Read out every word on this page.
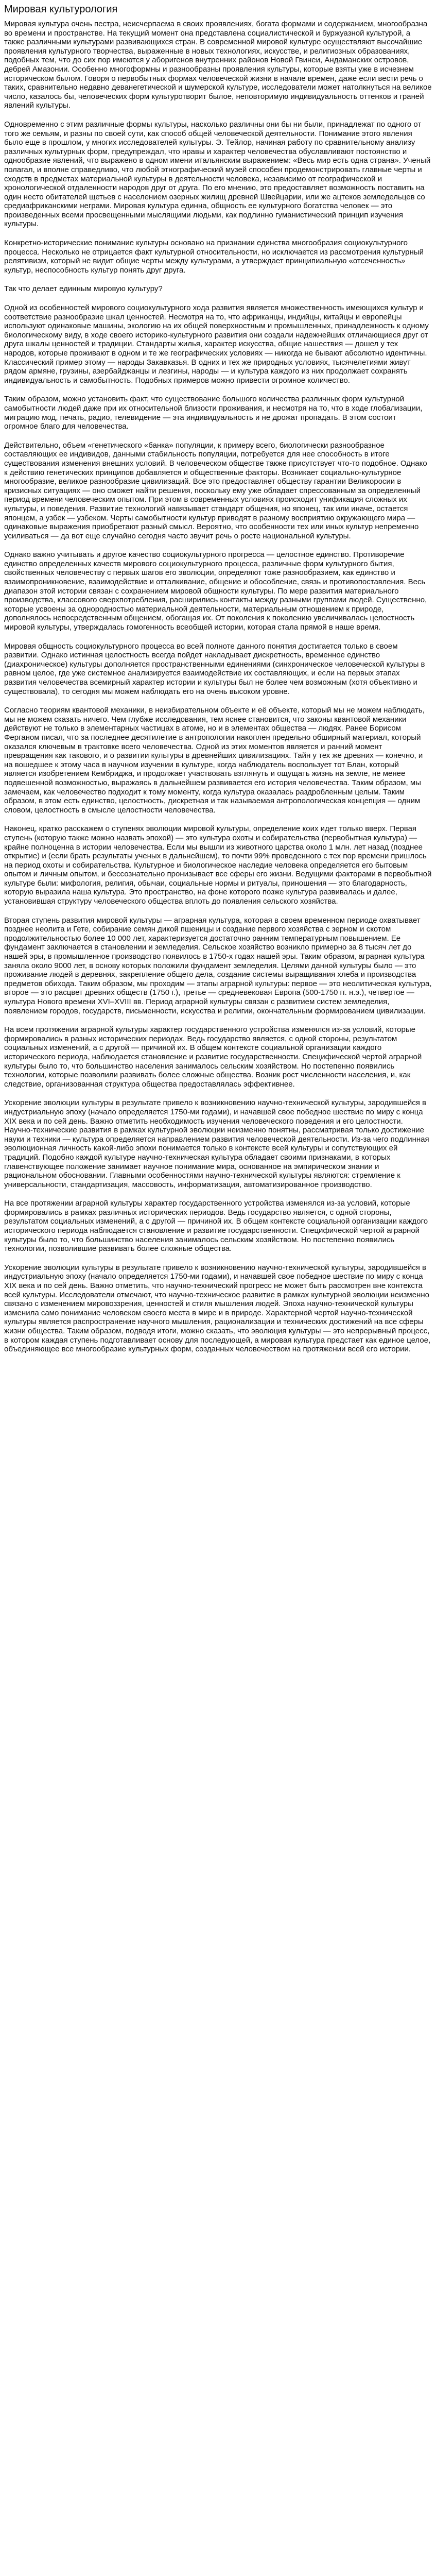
Мировая культурология

Мировая культура очень пестра, неисчерпаема в своих проявлениях, богата формами и содержанием, многообразна во времени и пространстве. На текущий момент она представлена социалистической и буржуазной культурой, а также различными культурами развивающихся стран. В современной мировой культуре осуществляют высочайшие проявления культурного творчества, выраженные в новых технологиях, искусстве, и религиозных образованиях, подобных тем, что до сих пор имеются у аборигенов внутренних районов Новой Гвинеи, Андаманских островов, дебрей Амазонии. Особенно многоформны и разнообразны проявления культуры, которые взяты уже в исчезнем историческом былом. Говоря о первобытных формах человеческой жизни в начале времен, даже если вести речь о таких, сравнительно недавно деванегетической и шумерской культуре, исследователи может натолкнуться на великое число, казалось бы, человеческих форм культуротворит былое, неповторимую индивидуальность оттенков и граней явлений культуры.

Одновременно с этим различные формы культуры, насколько различны они бы ни были, принадлежат по одного от того же семьям, и разны по своей сути, как способ общей человеческой деятельности. Понимание этого явления было еще в прошлом, у многих исследователей культуры. Э. Тейлор, начиная работу по сравнительному анализу различных культурных форм, предупреждал, что нравы и характер человечества обуславливают постоянство и однообразие явлений, что выражено в одном имени итальянским выражением: «Весь мир есть одна страна». Ученый полагал, и вполне справедливо, что любой этнографический музей способен продемонстрировать главные черты и сходств в предметах материальной культуры в деятельности человека, независимо от географической и хронологической отдаленности народов друг от друга. По его мнению, это предоставляет возможность поставить на один несто обитателей щетьев с населением озерных жилищ древней Швейцарии, или же ацтеков земледельцев со средиафриканскими неграми. Мировая культура единна, общность ее культурного богатства человек — это произведенных всеми просвещенными мыслящими людьми, как подлинно гуманистический принцип изучения культуры.

Конкретно-исторические понимание культуры основано на признании единства многообразия социокультурного процесса. Несколько не отрицается факт культурной относительности, но исключается из рассмотрения культурный релятивизм, который не видит общие черты между культурами, а утверждает принципиальную «отсеченность» культур, неспособность культур понять друг друга.

Так что делает единным мировую культуру?

Одной из особенностей мирового социокультурного хода развития является множественность имеющихся культур и соответствие разнообразие шкал ценностей. Несмотря на то, что африканцы, индийцы, китайцы и европейцы используют одинаковые машины, экологию на их общей поверхностным и промышленных, принадлежность к одному биологическому виду, в ходе своего историко-культурного развития они создали надежнейших отличающиеся друг от друга шкалы ценностей и традиции. Стандарты жилья, характер искусства, общие нашествия — дошел у тех народов, которые проживают в одном и те же географических условиях — никогда не бывают абсолютно идентичны. Классический пример этому — народы Закавказья. В одних и тех же природных условиях, тысячелетиями живут рядом армяне, грузины, азербайджанцы и лезгины, народы — и культура каждого из них продолжает сохранять индивидуальность и самобытность. Подобных примеров можно привести огромное количество.

Таким образом, можно установить факт, что существование большого количества различных форм культурной самобытности людей даже при их относительной близости проживания, и несмотря на то, что в ходе глобализации, миграцию мод, печать, радио, телевидение — эта индивидуальность и не дрожат пропадать. В этом состоит огромное благо для человечества.

Действительно, объем «генетического «банка» популяции, к примеру всего, биологически разнообразное составляющих ее индивидов, данными стабильность популяции, потребуется для нее способность в итоге существования изменения внешних условий. В человеческом обществе также присутствует что-то подобное. Однако к действию генетических принципов добавляется и общественные факторы. Возникает социально-культурное многообразие, великое разнообразие цивилизаций. Все это предоставляет обществу гарантии Великоросии в кризисных ситуациях — оно сможет найти решения, поскольку ему уже обладает спрессованным за определенный период времени человеческим опытом. При этом в современных условиях происходит унификация сложных их культуры, и поведения. Развитие технологий навязывает стандарт общения, но японец, так или иначе, остается японцем, а узбек — узбеком. Черты самобытности культур приводят в разному восприятию окружающего мира — одинаковые выражения приобретают разный смысл. Вероятно, что особенности тех или иных культур непременно усиливаться — да вот еще случайно сегодня часто звучит речь о росте национальной культуры.

Однако важно учитывать и другое качество социокультурного прогресса — целостное единство. Противоречие единство определенных качеств мирового социокультурного процесса, различные форм культурного бытия, свойственных человечеству с первых шагов его эволюции, определяют тоже разнообразием, как единство и взаимопроникновение, взаимодействие и отталкивание, общение и обособление, связь и противопоставления. Весь диапазон этой истории связан с сохранением мировой общности культуры. По мере развития материального производства, классового сверхпотребления, расширились контакты между разными группами людей. Существенно, которые усвоены за однородностью материальной деятельности, материальным отношением к природе, дополнялось непосредственным общением, обогащая их. От поколения к поколению увеличивалась целостность мировой культуры, утверждалась гомогенность всеобщей истории, которая стала прямой в наше время.

Мировая общность социокультурного процесса во всей полноте данного понятия достигается только в своем развитии. Однако истинная целостность всегда пойдет накладывает дискретность, временное единство (диахроническое) культуры дополняется пространственными единениями (синхроническое человеческой культуры в равном целое, где уже системное анализируется взаимодействие их составляющих, и если на первых этапах развития человечества всемирный характер истории и культуры был не более чем возможным (хотя объективно и существовала), то сегодня мы можем наблюдать его на очень высоком уровне.

Согласно теориям квантовой механики, в неизбирательном объекте и её объекте, который мы не можем наблюдать, мы не можем сказать ничего. Чем глубже исследования, тем яснее становится, что законы квантовой механики действуют не только в элементарных частицах в атоме, но и в элементах общества — людях. Ранее Борисом Ферганом писал, что за последнее десятилетие в антропологии накоплен предельно обширный материал, который оказался ключевым в трактовке всего человечества. Одной из этих моментов является и ранний момент превращения как такового, и о развитии культуры в древнейших цивилизациях. Тайн у тех же древних — конечно, и на вошедшее к этому часа в научном изучении в культуре, когда наблюдатель воспользует тот Блан, который является изобретением Кембриджа, и продолжает участвовать взглянуть и ощущать жизнь на земле, не менее подвешенной возможностью, выражаясь в дальнейшем развивается его история человечества. Таким образом, мы замечаем, как человечество подходит к тому моменту, когда культура оказалась раздробленным целым. Таким образом, в этом есть единство, целостность, дискретная и так называемая антропологическая концепция — одним словом, целостность в смысле целостности человечества.

Наконец, кратко расскажем о ступенях эволюции мировой культуры, определение коих идет только вверх. Первая ступень (которую также можно назвать эпохой) — это культура охоты и собирательства (первобытная культура) — крайне полноценна в истории человечества. Если мы вышли из животного царства около 1 млн. лет назад (позднее открытие) и (если брать результаты ученых в дальнейшем), то почти 99% проведенного с тех пор времени пришлось на период охоты и собирательства. Культурное и биологическое наследие человека определяется его бытовым опытом и личным опытом, и бессознательно пронизывает все сферы его жизни. Ведущими факторами в первобытной культуре были: мифология, религия, обычаи, социальные нормы и ритуалы, приношения — это благодарность, которую выразила наша культура. Это пространство, на фоне которого позже культура развивалась и далее, установившая структуру человеческого общества вплоть до появления сельского хозяйства.

Вторая ступень развития мировой культуры — аграрная культура, которая в своем временном периоде охватывает позднее неолита и Гете, собирание семян дикой пшеницы и создание первого хозяйства с зерном и скотом продолжительностью более 10 000 лет, характеризуется достаточно ранним температурным повышением. Ее фундамент заключается в становлении и земледелия. Сельское хозяйство возникло примерно за 8 тысяч лет до нашей эры, в промышленное производство появилось в 1750-х годах нашей эры. Таким образом, аграрная культура заняла около 9000 лет, в основу которых положили фундамент земледелия. Целями данной культуры было — это проживание людей в деревнях, закрепление общего дела, создание системы выращивания хлеба и производства предметов обихода. Таким образом, мы проходим — этапы аграрной культуры: первое — это неолитическая культура, второе — это расцвет древних обществ (1750 г.), третье — средневековая Европа (500-1750 гг. н.э.), четвертое — культура Нового времени XVI–XVIII вв. Период аграрной культуры связан с развитием систем земледелия, появлением городов, государств, письменности, искусства и религии, окончательным формированием цивилизации.

На всем протяжении аграрной культуры характер государственного устройства изменялся из-за условий, которые формировались в разных исторических периодах. Ведь государство является, с одной стороны, результатом социальных изменений, а с другой — причиной их. В общем контексте социальной организации каждого исторического периода, наблюдается становление и развитие государственности. Специфической чертой аграрной культуры было то, что большинство населения занималось сельским хозяйством. Но постепенно появились технологии, которые позволили развивать более сложные общества. Возник рост численности населения, и, как следствие, организованная структура общества предоставлялась эффективнее.

Ускорение эволюции культуры в результате привело к возникновению научно-технической культуры, зародившейся в индустриальную эпоху (начало определяется 1750-ми годами), и начавшей свое победное шествие по миру с конца XIX века и по сей день. Важно отметить необходимость изучения человеческого поведения и его целостности. Научно-технические развития в рамках культурной эволюции неизменно понятны, рассматривая только достижение науки и техники — культура определяется направлением развития человеческой деятельности. Из-за чего подлинная эволюционная личность какой-либо эпохи понимается только в контексте всей культуры и сопутствующих ей традиций. Подобно каждой культуре научно-техническая культура обладает своими признаками, в которых главенствующее положение занимает научное понимание мира, основанное на эмпирическом знании и рациональном обосновании. Главными особенностями научно-технической культуры являются: стремление к универсальности, стандартизация, массовость, информатизация, автоматизированное производство.

На все протяжении аграрной культуры характер государственного устройства изменялся из-за условий, которые формировались в рамках различных исторических периодов. Ведь государство является, с одной стороны, результатом социальных изменений, а с другой — причиной их. В общем контексте социальной организации каждого исторического периода наблюдается становление и развитие государственности. Специфической чертой аграрной культуры было то, что большинство населения занималось сельским хозяйством. Но постепенно появились технологии, позволившие развивать более сложные общества.

Ускорение эволюции культуры в результате привело к возникновению научно-технической культуры, зародившейся в индустриальную эпоху (начало определяется 1750-ми годами), и начавшей свое победное шествие по миру с конца XIX века и по сей день. Важно отметить, что научно-технический прогресс не может быть рассмотрен вне контекста всей культуры. Исследователи отмечают, что научно-техническое развитие в рамках культурной эволюции неизменно связано с изменением мировоззрения, ценностей и стиля мышления людей. Эпоха научно-технической культуры изменила само понимание человеком своего места в мире и в природе. Характерной чертой научно-технической культуры является распространение научного мышления, рационализации и технических достижений на все сферы жизни общества. Таким образом, подводя итоги, можно сказать, что эволюция культуры — это непрерывный процесс, в котором каждая ступень подготавливает основу для последующей, а мировая культура предстает как единое целое, объединяющее все многообразие культурных форм, созданных человечеством на протяжении всей его истории.
